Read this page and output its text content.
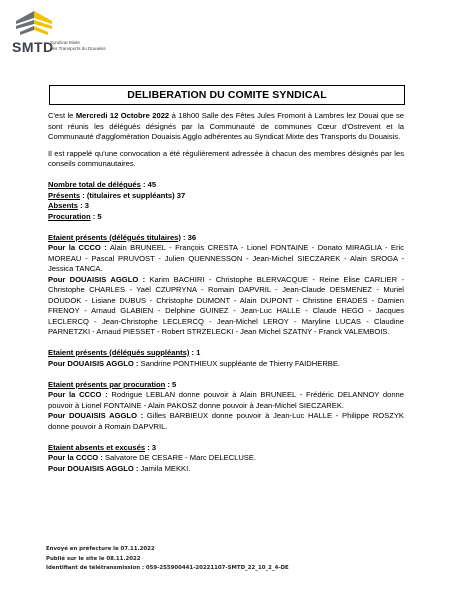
SMTD
Syndicat Mixte
des Transports du Douaisis
DELIBERATION DU COMITE SYNDICAL

C'est le Mercredi 12 Octobre 2022 à 18h00 Salle des Fêtes Jules Fromont à Lambres lez Douai que se sont réunis les délégués désignés par la Communauté de communes Cœur d'Ostrevent et la Communauté d'agglomération Douaisis Agglo adhérentes au Syndicat Mixte des Transports du Douaisis.

Il est rappelé qu'une convocation a été régulièrement adressée à chacun des membres désignés par les conseils communautaires.

Nombre total de délégués : 45
Présents : (titulaires et suppléants) 37
Absents : 3
Procuration : 5

Etaient présents (délégués titulaires) : 36

Pour la CCCO : Alain BRUNEEL - François CRESTA - Lionel FONTAINE - Donato MIRAGLIA - Eric MOREAU - Pascal PRUVOST - Julien QUENNESSON - Jean-Michel SIECZAREK - Alain SROGA - Jessica TANCA.

Pour DOUAISIS AGGLO : Karim BACHIRI - Christophe BLERVACQUE - Reine Elise CARLIER - Christophe CHARLES - Yaël CZUPRYNA - Romain DAPVRIL - Jean-Claude DESMENEZ - Muriel DOUDOK - Lisiane DUBUS - Christophe DUMONT - Alain DUPONT - Christine ERADES - Damien FRENOY - Arnaud GLABIEN - Delphine GUINEZ - Jean-Luc HALLE - Claude HEGO - Jacques LECLERCQ - Jean-Christophe LECLERCQ - Jean-Michel LEROY - Maryline LUCAS - Claudine PARNETZKI - Arnaud PIESSET - Robert STRZELECKI - Jean Michel SZATNY - Franck VALEMBOIS.

Etaient présents (délégués suppléants) : 1

Pour DOUAISIS AGGLO : Sandrine PONTHIEUX suppléante de Thierry FAIDHERBE.

Etaient présents par procuration : 5

Pour la CCCO : Rodrigue LEBLAN donne pouvoir à Alain BRUNEEL - Frédéric DELANNOY donne pouvoir à Lionel FONTAINE - Alain PAKOSZ donne pouvoir à Jean-Michel SIECZAREK.

Pour DOUAISIS AGGLO : Gilles BARBIEUX donne pouvoir à Jean-Luc HALLE - Philippe ROSZYK donne pouvoir à Romain DAPVRIL.

Etaient absents et excusés : 3

Pour la CCCO : Salvatore DE CESARE - Marc DELECLUSE.

Pour DOUAISIS AGGLO : Jamila MEKKI.

Envoyé en préfecture le 07.11.2022
Publié sur le site le 08.11.2022
Identifiant de télétransmission : 059-255900441-20221107-SMTD_22_10_2_4-DE
